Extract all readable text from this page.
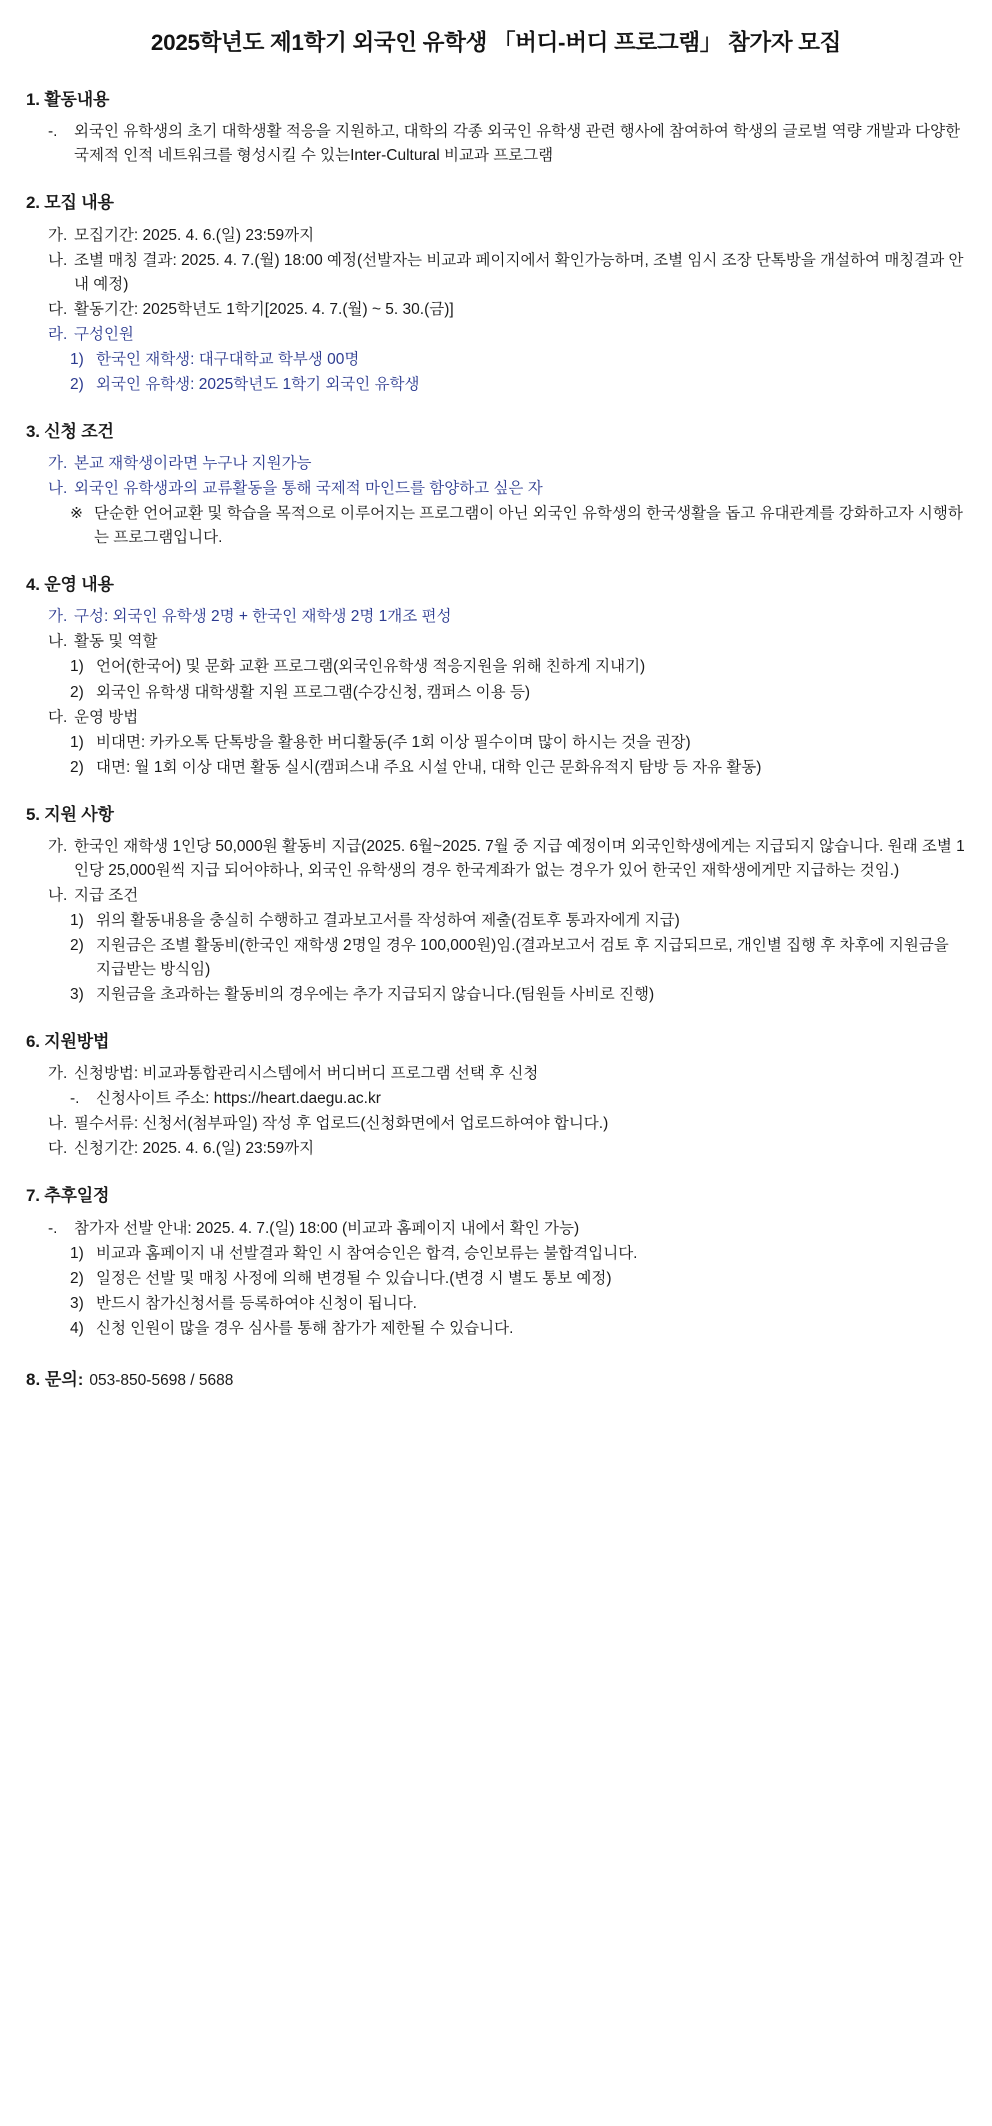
2025학년도 제1학기 외국인 유학생 「버디-버디 프로그램」 참가자 모집
1. 활동내용
-.	외국인 유학생의 초기 대학생활 적응을 지원하고, 대학의 각종 외국인 유학생 관련 행사에 참여하여 학생의 글로벌 역량 개발과 다양한 국제적 인적 네트워크를 형성시킬 수 있는Inter-Cultural 비교과 프로그램
2. 모집 내용
가. 모집기간: 2025. 4. 6.(일) 23:59까지
나. 조별 매칭 결과: 2025. 4. 7.(월) 18:00 예정(선발자는 비교과 페이지에서 확인가능하며, 조별 임시 조장 단톡방을 개설하여 매칭결과 안내 예정)
다. 활동기간: 2025학년도 1학기[2025. 4. 7.(월) ~ 5. 30.(금)]
라. 구성인원
1) 한국인 재학생: 대구대학교 학부생 00명
2) 외국인 유학생: 2025학년도 1학기 외국인 유학생
3. 신청 조건
가. 본교 재학생이라면 누구나 지원가능
나. 외국인 유학생과의 교류활동을 통해 국제적 마인드를 함양하고 싶은 자
※ 단순한 언어교환 및 학습을 목적으로 이루어지는 프로그램이 아닌 외국인 유학생의 한국생활을 돕고 유대관계를 강화하고자 시행하는 프로그램입니다.
4. 운영 내용
가. 구성: 외국인 유학생 2명 + 한국인 재학생 2명 1개조 편성
나. 활동 및 역할
1) 언어(한국어) 및 문화 교환 프로그램(외국인유학생 적응지원을 위해 친하게 지내기)
2) 외국인 유학생 대학생활 지원 프로그램(수강신청, 캠퍼스 이용 등)
다. 운영 방법
1) 비대면: 카카오톡 단톡방을 활용한 버디활동(주 1회 이상 필수이며 많이 하시는 것을 권장)
2) 대면: 월 1회 이상 대면 활동 실시(캠퍼스내 주요 시설 안내, 대학 인근 문화유적지 탐방 등 자유 활동)
5. 지원 사항
가. 한국인 재학생 1인당 50,000원 활동비 지급(2025. 6월~2025. 7월 중 지급 예정이며 외국인학생에게는 지급되지 않습니다. 원래 조별 1인당 25,000원씩 지급 되어야하나, 외국인 유학생의 경우 한국계좌가 없는 경우가 있어 한국인 재학생에게만 지급하는 것임.)
나. 지급 조건
1) 위의 활동내용을 충실히 수행하고 결과보고서를 작성하여 제출(검토후 통과자에게 지급)
2) 지원금은 조별 활동비(한국인 재학생 2명일 경우 100,000원)임.(결과보고서 검토 후 지급되므로, 개인별 집행 후 차후에 지원금을 지급받는 방식임)
3) 지원금을 초과하는 활동비의 경우에는 추가 지급되지 않습니다.(팀원들 사비로 진행)
6. 지원방법
가. 신청방법: 비교과통합관리시스템에서 버디버디 프로그램 선택 후 신청
-.	신청사이트 주소: https://heart.daegu.ac.kr
나. 필수서류: 신청서(첨부파일) 작성 후 업로드(신청화면에서 업로드하여야 합니다.)
다. 신청기간: 2025. 4. 6.(일) 23:59까지
7. 추후일정
-.	참가자 선발 안내: 2025. 4. 7.(일) 18:00 (비교과 홈페이지 내에서 확인 가능)
1) 비교과 홈페이지 내 선발결과 확인 시 참여승인은 합격, 승인보류는 불합격입니다.
2) 일정은 선발 및 매칭 사정에 의해 변경될 수 있습니다.(변경 시 별도 통보 예정)
3) 반드시 참가신청서를 등록하여야 신청이 됩니다.
4) 신청 인원이 많을 경우 심사를 통해 참가가 제한될 수 있습니다.
8. 문의: 053-850-5698 / 5688
